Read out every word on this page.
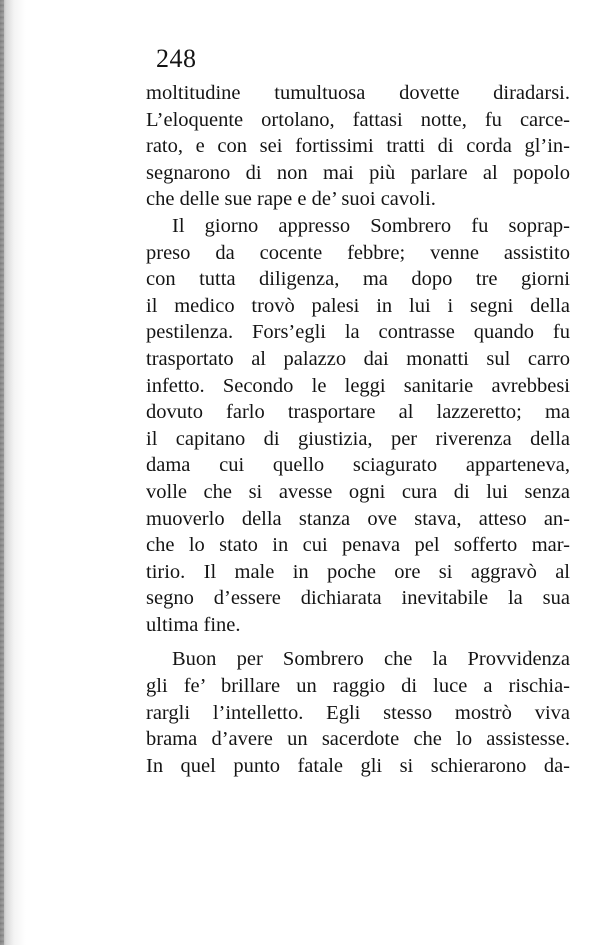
248
moltitudine tumultuosa dovette diradarsi.
L’eloquente ortolano, fattasi notte, fu carce-
rato, e con sei fortissimi tratti di corda gl’in-
segnarono di non mai più parlare al popolo
che delle sue rape e de’ suoi cavoli.
Il giorno appresso Sombrero fu soprap-
preso da cocente febbre; venne assistito
con tutta diligenza, ma dopo tre giorni
il medico trovò palesi in lui i segni della
pestilenza. Fors’egli la contrasse quando fu
trasportato al palazzo dai monatti sul carro
infetto. Secondo le leggi sanitarie avrebbesi
dovuto farlo trasportare al lazzeretto; ma
il capitano di giustizia, per riverenza della
dama cui quello sciagurato apparteneva,
volle che si avesse ogni cura di lui senza
muoverlo della stanza ove stava, atteso an-
che lo stato in cui penava pel sofferto mar-
tirio. Il male in poche ore si aggravò al
segno d’essere dichiarata inevitabile la sua
ultima fine.
Buon per Sombrero che la Provvidenza
gli fe’ brillare un raggio di luce a rischia-
rargli l’intelletto. Egli stesso mostrò viva
brama d’avere un sacerdote che lo assistesse.
In quel punto fatale gli si schierarono da-
